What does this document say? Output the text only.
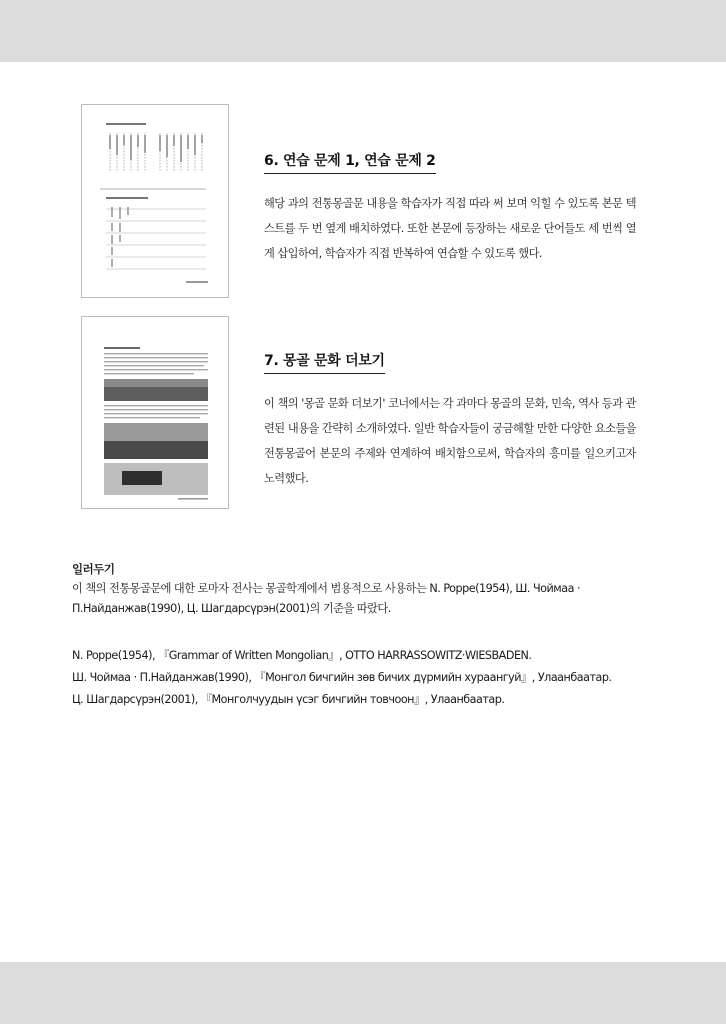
6. 연습 문제 1, 연습 문제 2

해당 과의 전통몽골문 내용을 학습자가 직접 따라 써 보며 익힐 수 있도록 본문 텍스트를 두 번 옆게 배치하였다. 또한 본문에 등장하는 새로운 단어들도 세 번씩 열게 삽입하여, 학습자가 직접 반복하여 연습할 수 있도록 했다.

7. 몽골 문화 더보기

이 책의 '몽골 문화 더보기' 코너에서는 각 과마다 몽골의 문화, 민속, 역사 등과 관련된 내용을 간략히 소개하였다. 일반 학습자들이 궁금해할 만한 다양한 요소들을 전통몽골어 본문의 주제와 연계하여 배치함으로써, 학습자의 흥미를 일으키고자 노력했다.

일러두기

이 책의 전통몽골문에 대한 로마자 전사는 몽골학계에서 범용적으로 사용하는 N. Poppe(1954), Ш. Чоймаа · П.Найданжав(1990), Ц. Шагдарсүрэн(2001)의 기준을 따랐다.

N. Poppe(1954), 『Grammar of Written Mongolian』, OTTO HARRASSOWITZ·WIESBADEN.
Ш. Чоймаа · П.Найданжав(1990), 『Монгол бичгийн зөв бичих дүрмийн хураангуй』, Улаанбаатар.
Ц. Шагдарсүрэн(2001), 『Монголчуудын үсэг бичгийн товчоон』, Улаанбаатар.
